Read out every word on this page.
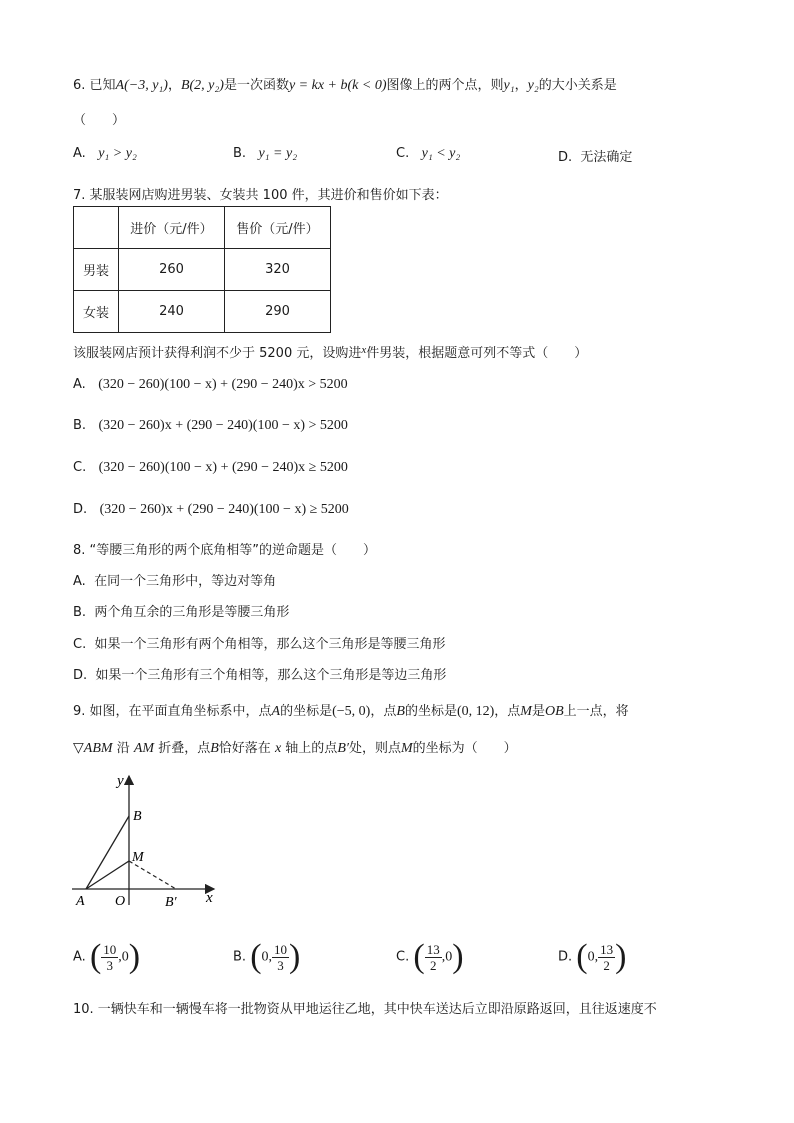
6. 已知A(−3, y₁)，B(2, y₂)是一次函数y = kx + b(k < 0)图像上的两个点，则y₁，y₂的大小关系是
（　　）
A. y₁ > y₂	B. y₁ = y₂	C. y₁ < y₂	D. 无法确定
7. 某服装网店购进男装、女装共 100 件，其进价和售价如下表：
	进价（元/件）	售价（元/件）
男装	260	320
女装	240	290
该服装网店预计获得利润不少于 5200 元，设购进$^x$件男装，根据题意可列不等式（　　）
A. (320 − 260)(100 − x) + (290 − 240)x > 5200
B. (320 − 260)x + (290 − 240)(100 − x) > 5200
C. (320 − 260)(100 − x) + (290 − 240)x ≥ 5200
D. (320 − 260)x + (290 − 240)(100 − x) ≥ 5200
8. “等腰三角形的两个底角相等”的逆命题是（　　）
A. 在同一个三角形中，等边对等角
B. 两个角互余的三角形是等腰三角形
C. 如果一个三角形有两个角相等，那么这个三角形是等腰三角形
D. 如果一个三角形有三个角相等，那么这个三角形是等边三角形
9. 如图，在平面直角坐标系中，点A的坐标是(−5, 0)，点B的坐标是(0, 12)，点M是OB上一点，将
▽ABM 沿 AM 折叠，点B恰好落在 x 轴上的点B′处，则点M的坐标为（　　）
y
x
B
M
A O	B′
A. ( $\frac{10}{3} ,0$)	B. (0, $\frac{10}{3}$ )	C. ( $\frac{13}{2} ,0$)	D. (0, $\frac{13}{2}$ )
10. 一辆快车和一辆慢车将一批物资从甲地运往乙地，其中快车送达后立即沿原路返回，且往返速度不
